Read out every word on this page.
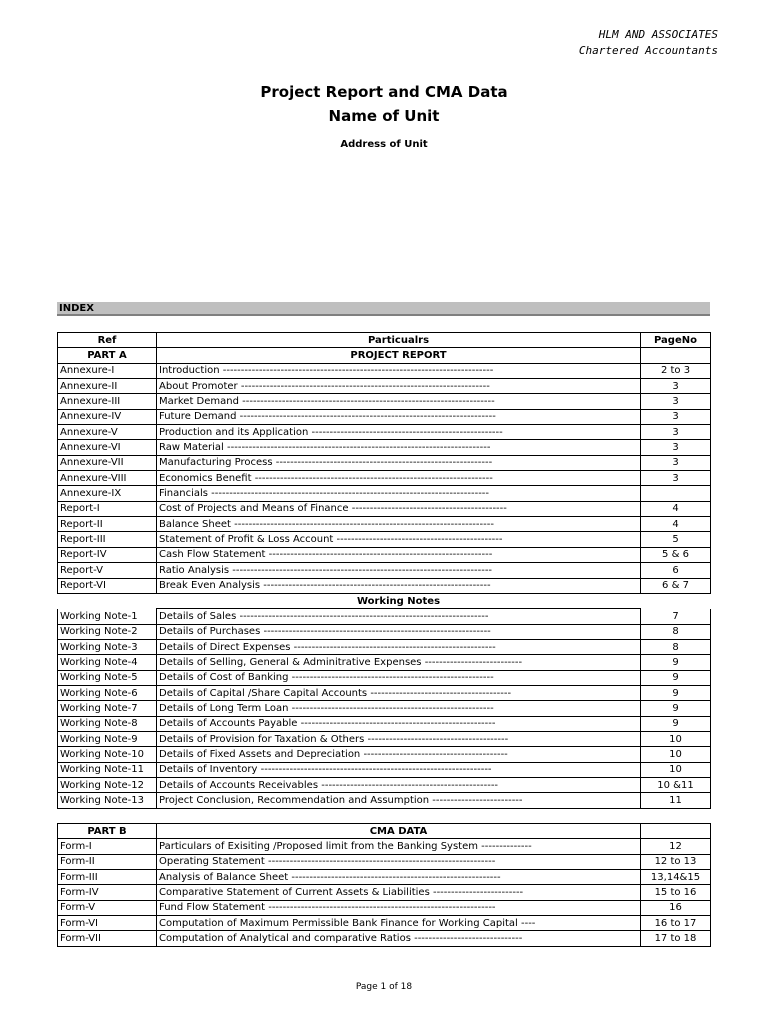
HLM AND ASSOCIATES
Chartered Accountants
Project Report and CMA Data
Name of Unit
Address of Unit
INDEX
Ref	Particualrs	PageNo
PART A	PROJECT REPORT	
Annexure-I	Introduction ---------------------------------------------------------------------------	2 to 3
Annexure-II	About Promoter ---------------------------------------------------------------------	3
Annexure-III	Market Demand ----------------------------------------------------------------------	3
Annexure-IV	Future Demand -----------------------------------------------------------------------	3
Annexure-V	Production and its Application -----------------------------------------------------	3
Annexure-VI	Raw Material -------------------------------------------------------------------------	3
Annexure-VII	Manufacturing Process ------------------------------------------------------------	3
Annexure-VIII	Economics Benefit ------------------------------------------------------------------	3
Annexure-IX	Financials -----------------------------------------------------------------------------	
Report-I	Cost of Projects and Means of Finance -------------------------------------------	4
Report-II	Balance Sheet ------------------------------------------------------------------------	4
Report-III	Statement of Profit & Loss Account ----------------------------------------------	5
Report-IV	Cash Flow Statement --------------------------------------------------------------	5 & 6
Report-V	Ratio Analysis ------------------------------------------------------------------------	6
Report-VI	Break Even Analysis ---------------------------------------------------------------	6 & 7
	Working Notes	
Working Note-1	Details of Sales ---------------------------------------------------------------------	7
Working Note-2	Details of Purchases ---------------------------------------------------------------	8
Working Note-3	Details of Direct Expenses --------------------------------------------------------	8
Working Note-4	Details of Selling, General & Adminitrative Expenses ---------------------------	9
Working Note-5	Details of Cost of Banking --------------------------------------------------------	9
Working Note-6	Details of Capital /Share Capital Accounts ---------------------------------------	9
Working Note-7	Details of Long Term Loan --------------------------------------------------------	9
Working Note-8	Details of Accounts Payable ------------------------------------------------------	9
Working Note-9	Details of Provision for Taxation & Others ---------------------------------------	10
Working Note-10	Details of Fixed Assets and Depreciation ----------------------------------------	10
Working Note-11	Details of Inventory ----------------------------------------------------------------	10
Working Note-12	Details of Accounts Receivables -------------------------------------------------	10 &11
Working Note-13	Project Conclusion, Recommendation and Assumption -------------------------	11
PART B	CMA DATA	
Form-I	Particulars of Exisiting /Proposed limit from the Banking System --------------	12
Form-II	Operating Statement ---------------------------------------------------------------	12 to 13
Form-III	Analysis of Balance Sheet ----------------------------------------------------------	13,14&15
Form-IV	Comparative Statement of Current Assets & Liabilities -------------------------	15 to 16
Form-V	Fund Flow Statement ---------------------------------------------------------------	16
Form-VI	Computation of Maximum Permissible Bank Finance for Working Capital ----	16 to 17
Form-VII	Computation of Analytical and comparative Ratios ------------------------------	17 to 18
Page 1 of 18
